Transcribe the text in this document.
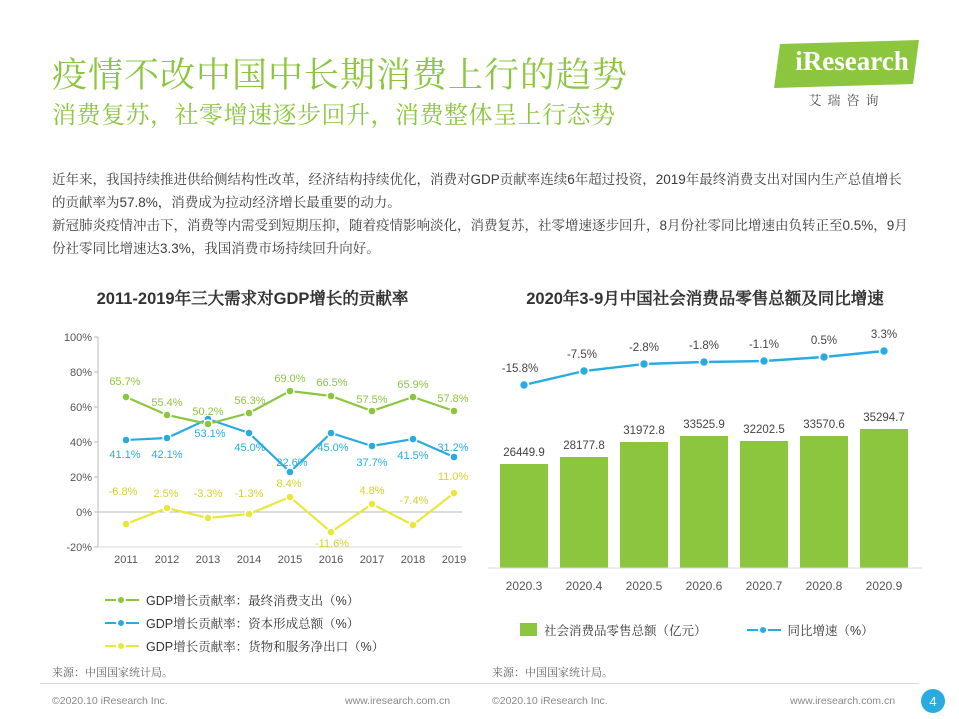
疫情不改中国中长期消费上行的趋势
消费复苏，社零增速逐步回升，消费整体呈上行态势
iResearch
艾瑞咨询

近年来，我国持续推进供给侧结构性改革，经济结构持续优化，消费对GDP贡献率连续6年超过投资，2019年最终消费支出对国内生产总值增长的贡献率为57.8%，消费成为拉动经济增长最重要的动力。

新冠肺炎疫情冲击下，消费等内需受到短期压抑，随着疫情影响淡化，消费复苏，社零增速逐步回升，8月份社零同比增速由负转正至0.5%，9月份社零同比增速达3.3%，我国消费市场持续回升向好。

2011-2019年三大需求对GDP增长的贡献率
100%
80%
60%
40%
20%
0%
-20%
65.7%
55.4%
50.2%
56.3%
69.0% 66.5%
57.5%
65.9%
57.8%
41.1% 42.1%
53.1%
45.0%
22.6%
45.0%
37.7%
41.5%
31.2%
-6.8% 2.5% -3.3% -1.3%
8.4%
-11.6%
4.8%
-7.4%
11.0%
2011 2012 2013 2014 2015 2016 2017 2018 2019
GDP增长贡献率：最终消费支出（%）
GDP增长贡献率：资本形成总额（%）
GDP增长贡献率：货物和服务净出口（%）
来源：中国国家统计局。
2020年3-9月中国社会消费品零售总额及同比增速
26449.9
28177.8
31972.8 33525.9 32202.5 33570.6
35294.7
-15.8%
-7.5%
-2.8%	-1.8%	-1.1%	0.5%	3.3%
2020.3 2020.4 2020.5 2020.6 2020.7 2020.8 2020.9
社会消费品零售总额（亿元）	同比增速（%）
来源：中国国家统计局。
©2020.10 iResearch Inc.	www.iresearch.com.cn	©2020.10 iResearch Inc.	www.iresearch.com.cn	4
